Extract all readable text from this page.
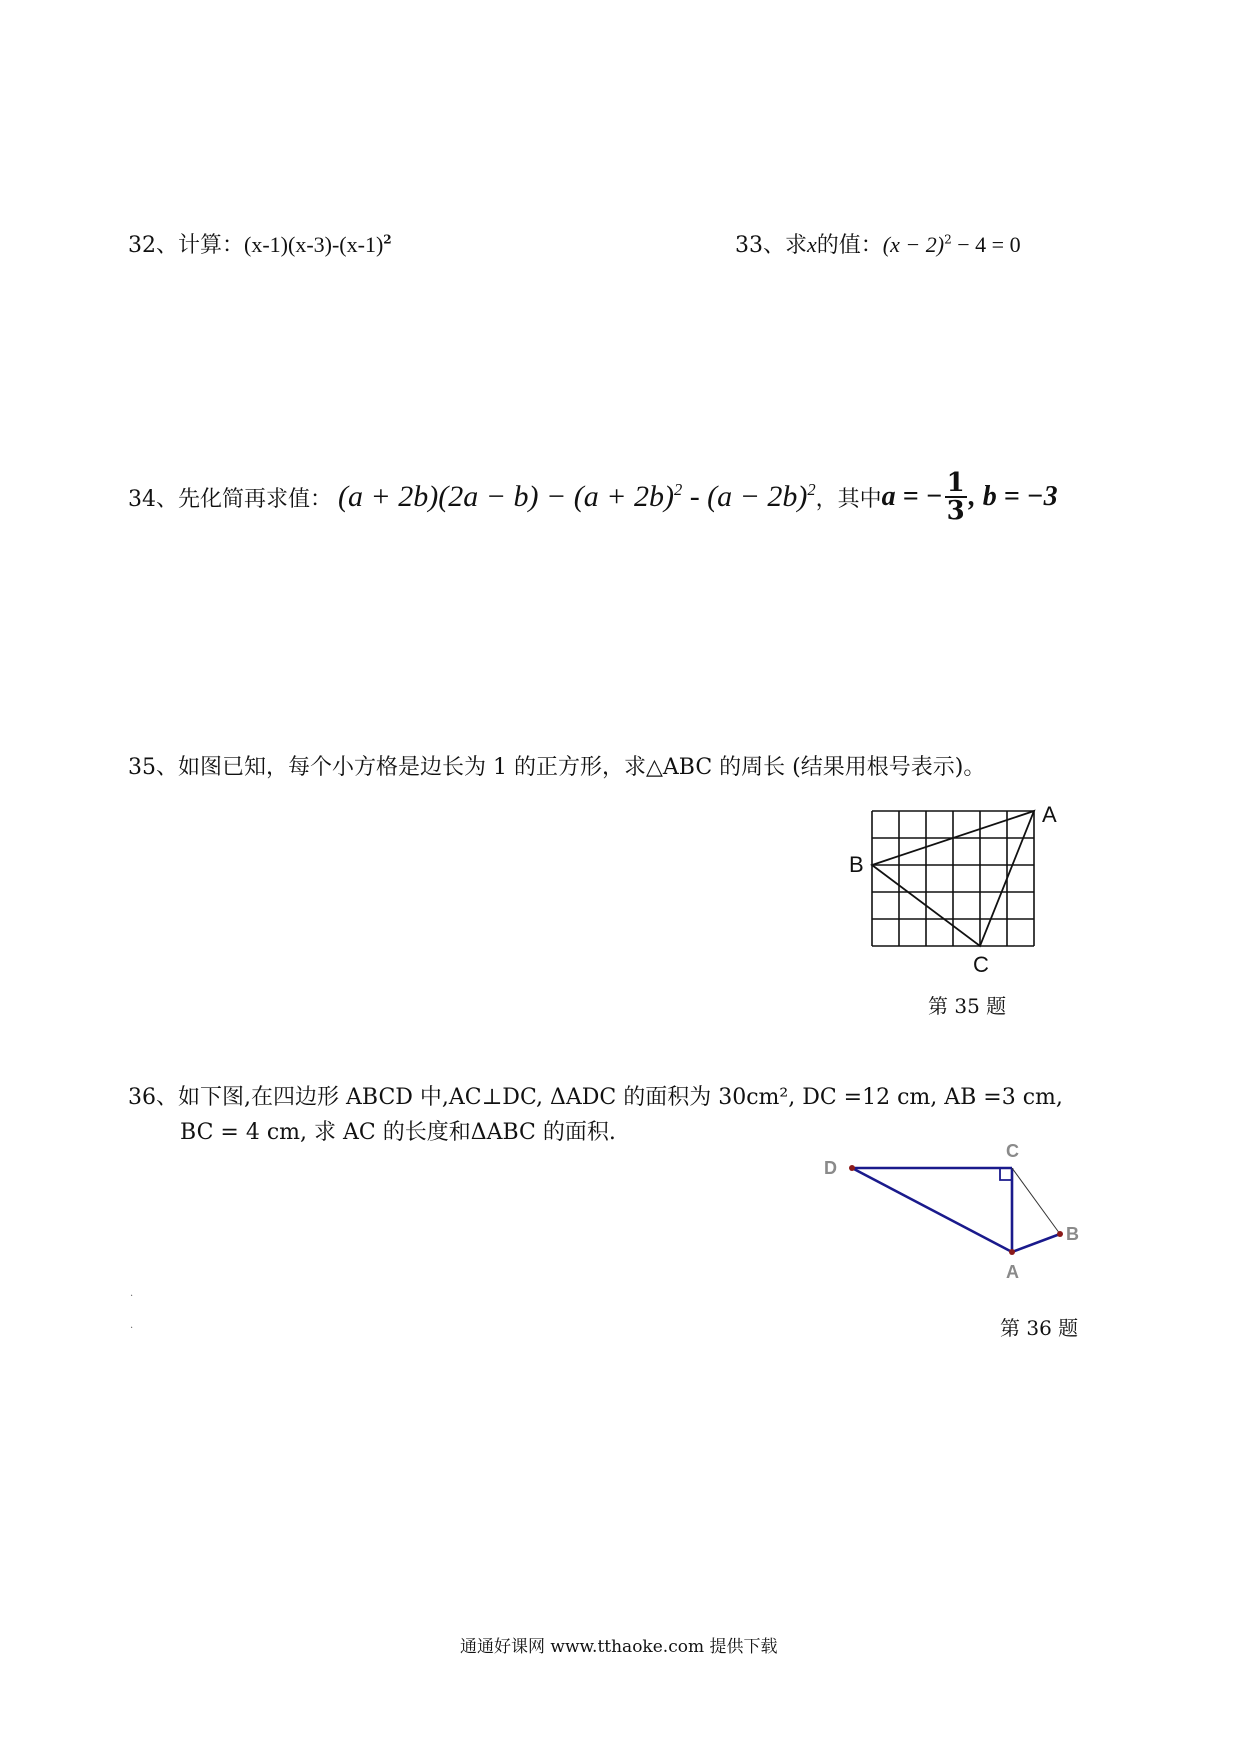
32、计算：$(x-1)(x-3)-(x-1)^2$	33、求x的值：$(x - 2)^2 - 4 = 0$
34、 先化简再求值： $(a + 2b)(2a - b) - (a + 2b)^2 - (a - 2b)^2$ ，其中 a = − $\frac{1}{3}$ , b = −3
35、如图已知，每个小方格是边长为 1 的正方形，求△ABC 的周长 (结果用根号表示)。
A
B
C
第 35 题
36、如下图,在四边形 ABCD 中,AC⊥DC, ΔADC 的面积为 30cm², DC =12 cm, AB =3 cm,
BC = 4 cm, 求 AC 的长度和ΔABC 的面积.
D
C
B
A
第 36 题
.
.
通通好课网 www.tthaoke.com 提供下载
